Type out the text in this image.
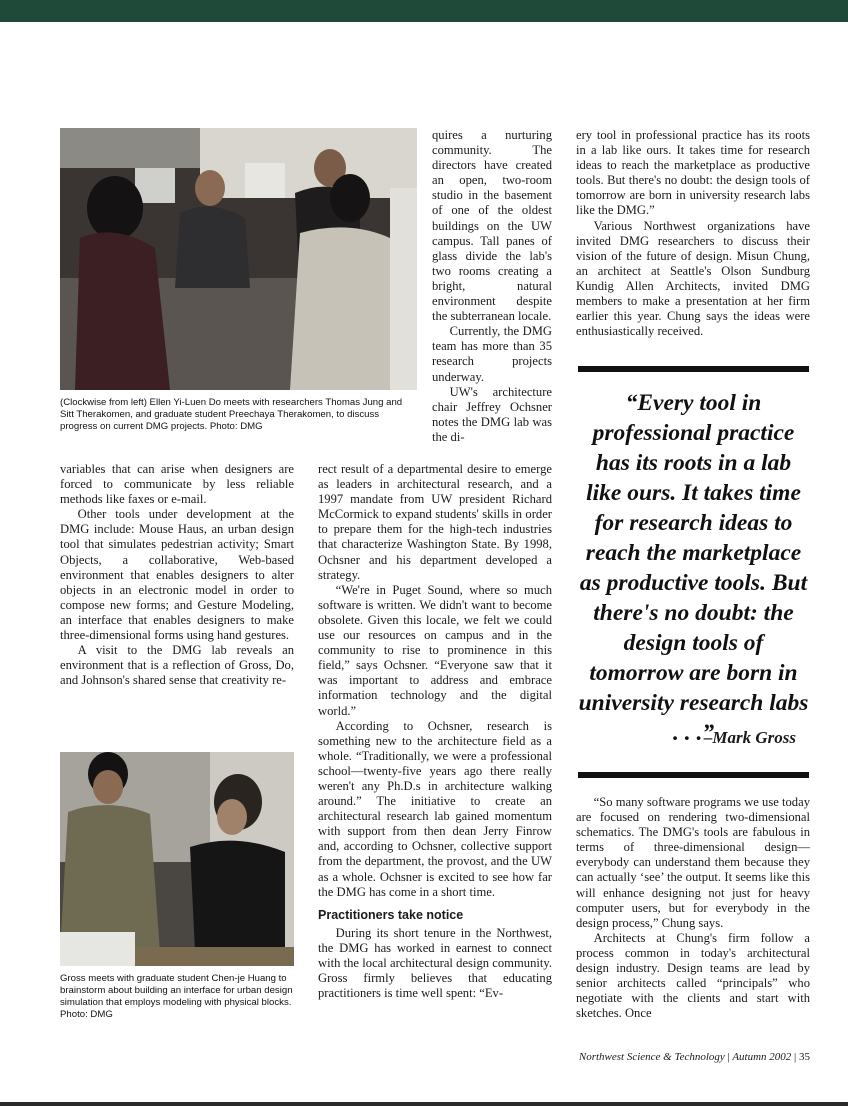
(Clockwise from left) Ellen Yi-Luen Do meets with researchers Thomas Jung and Sitt Therakomen, and graduate student Preechaya Therakomen, to discuss progress on current DMG projects. Photo: DMG

quires a nurturing community. The directors have created an open, two-room studio in the basement of one of the oldest buildings on the UW campus. Tall panes of glass divide the lab's two rooms creating a bright, natural environment despite the subterranean locale.

Currently, the DMG team has more than 35 research projects underway.

UW's architecture chair Jeffrey Ochsner notes the DMG lab was the di-

variables that can arise when designers are forced to communicate by less reliable methods like faxes or e-mail.

Other tools under development at the DMG include: Mouse Haus, an urban design tool that simulates pedestrian activity; Smart Objects, a collaborative, Web-based environment that enables designers to alter objects in an electronic model in order to compose new forms; and Gesture Modeling, an interface that enables designers to make three-dimensional forms using hand gestures.

A visit to the DMG lab reveals an environment that is a reflection of Gross, Do, and Johnson's shared sense that creativity re-

Gross meets with graduate student Chen-je Huang to brainstorm about building an interface for urban design simulation that employs modeling with physical blocks. Photo: DMG

rect result of a departmental desire to emerge as leaders in architectural research, and a 1997 mandate from UW president Richard McCormick to expand students' skills in order to prepare them for the high-tech industries that characterize Washington State. By 1998, Ochsner and his department developed a strategy.

“We're in Puget Sound, where so much software is written. We didn't want to become obsolete. Given this locale, we felt we could use our resources on campus and in the community to rise to prominence in this field,” says Ochsner. “Everyone saw that it was important to address and embrace information technology and the digital world.”

According to Ochsner, research is something new to the architecture field as a whole. “Traditionally, we were a professional school—twenty-five years ago there really weren't any Ph.D.s in architecture walking around.” The initiative to create an architectural research lab gained momentum with support from then dean Jerry Finrow and, according to Ochsner, collective support from the department, the provost, and the UW as a whole. Ochsner is excited to see how far the DMG has come in a short time.

Practitioners take notice

During its short tenure in the Northwest, the DMG has worked in earnest to connect with the local architectural design community. Gross firmly believes that educating practitioners is time well spent: “Ev-

ery tool in professional practice has its roots in a lab like ours. It takes time for research ideas to reach the marketplace as productive tools. But there's no doubt: the design tools of tomorrow are born in university research labs like the DMG.”

Various Northwest organizations have invited DMG researchers to discuss their vision of the future of design. Misun Chung, an architect at Seattle's Olson Sundburg Kundig Allen Architects, invited DMG members to make a presentation at her firm earlier this year. Chung says the ideas were enthusiastically received.

“Every tool in professional practice has its roots in a lab like ours. It takes time for research ideas to reach the marketplace as productive tools. But there's no doubt: the design tools of tomorrow are born in university research labs . . .”
–Mark Gross

“So many software programs we use today are focused on rendering two-dimensional schematics. The DMG's tools are fabulous in terms of three-dimensional design—everybody can understand them because they can actually ‘see’ the output. It seems like this will enhance designing not just for heavy computer users, but for everybody in the design process,” Chung says.

Architects at Chung's firm follow a process common in today's architectural design industry. Design teams are lead by senior architects called “principals” who negotiate with the clients and start with sketches. Once

Northwest Science & Technology | Autumn 2002 | 35
